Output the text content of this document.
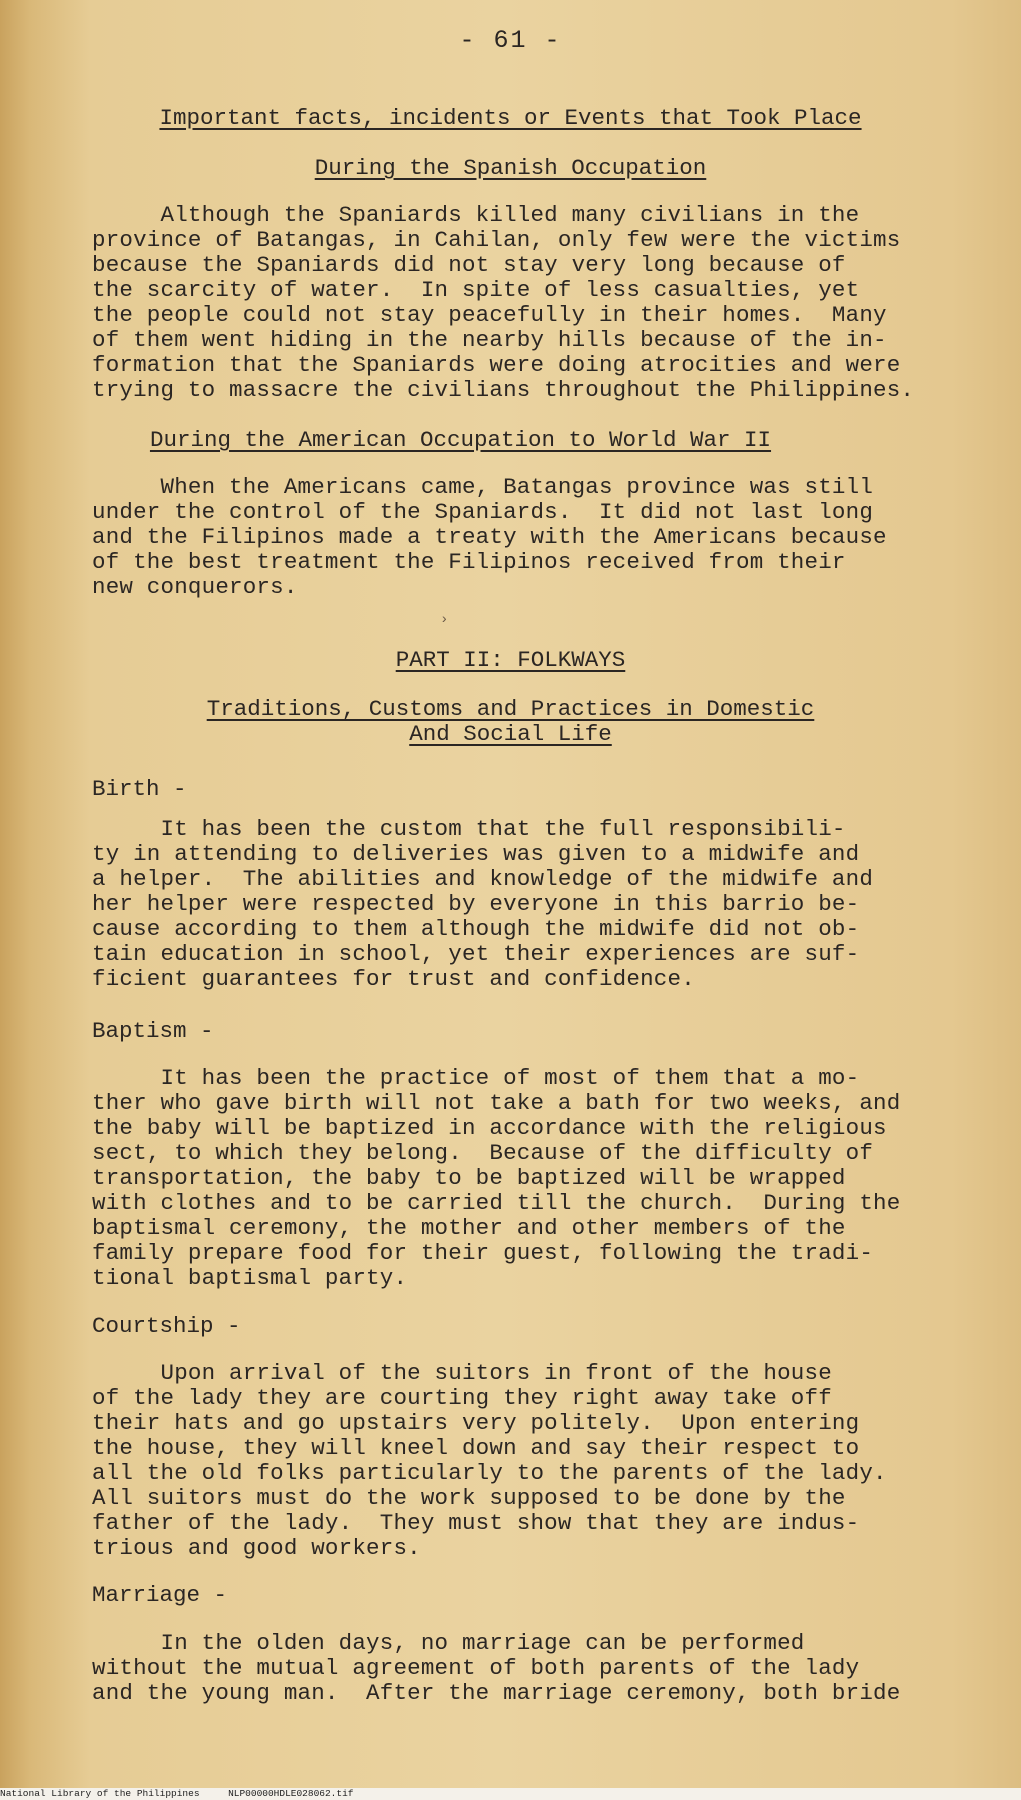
- 61 -
Important facts, incidents or Events that Took Place
During the Spanish Occupation

Although the Spaniards killed many civilians in the
province of Batangas, in Cahilan, only few were the victims
because the Spaniards did not stay very long because of
the scarcity of water.  In spite of less casualties, yet
the people could not stay peacefully in their homes.  Many
of them went hiding in the nearby hills because of the in-
formation that the Spaniards were doing atrocities and were
trying to massacre the civilians throughout the Philippines.

During the American Occupation to World War II

When the Americans came, Batangas province was still
under the control of the Spaniards.  It did not last long
and the Filipinos made a treaty with the Americans because
of the best treatment the Filipinos received from their
new conquerors.

›
PART II: FOLKWAYS
Traditions, Customs and Practices in Domestic
And Social Life
Birth -

It has been the custom that the full responsibili-
ty in attending to deliveries was given to a midwife and
a helper.  The abilities and knowledge of the midwife and
her helper were respected by everyone in this barrio be-
cause according to them although the midwife did not ob-
tain education in school, yet their experiences are suf-
ficient guarantees for trust and confidence.

Baptism -

It has been the practice of most of them that a mo-
ther who gave birth will not take a bath for two weeks, and
the baby will be baptized in accordance with the religious
sect, to which they belong.  Because of the difficulty of
transportation, the baby to be baptized will be wrapped
with clothes and to be carried till the church.  During the
baptismal ceremony, the mother and other members of the
family prepare food for their guest, following the tradi-
tional baptismal party.

Courtship -

Upon arrival of the suitors in front of the house
of the lady they are courting they right away take off
their hats and go upstairs very politely.  Upon entering
the house, they will kneel down and say their respect to
all the old folks particularly to the parents of the lady.
All suitors must do the work supposed to be done by the
father of the lady.  They must show that they are indus-
trious and good workers.

Marriage -

In the olden days, no marriage can be performed
without the mutual agreement of both parents of the lady
and the young man.  After the marriage ceremony, both bride

National Library of the Philippines	NLP00000HDLE028062.tif
